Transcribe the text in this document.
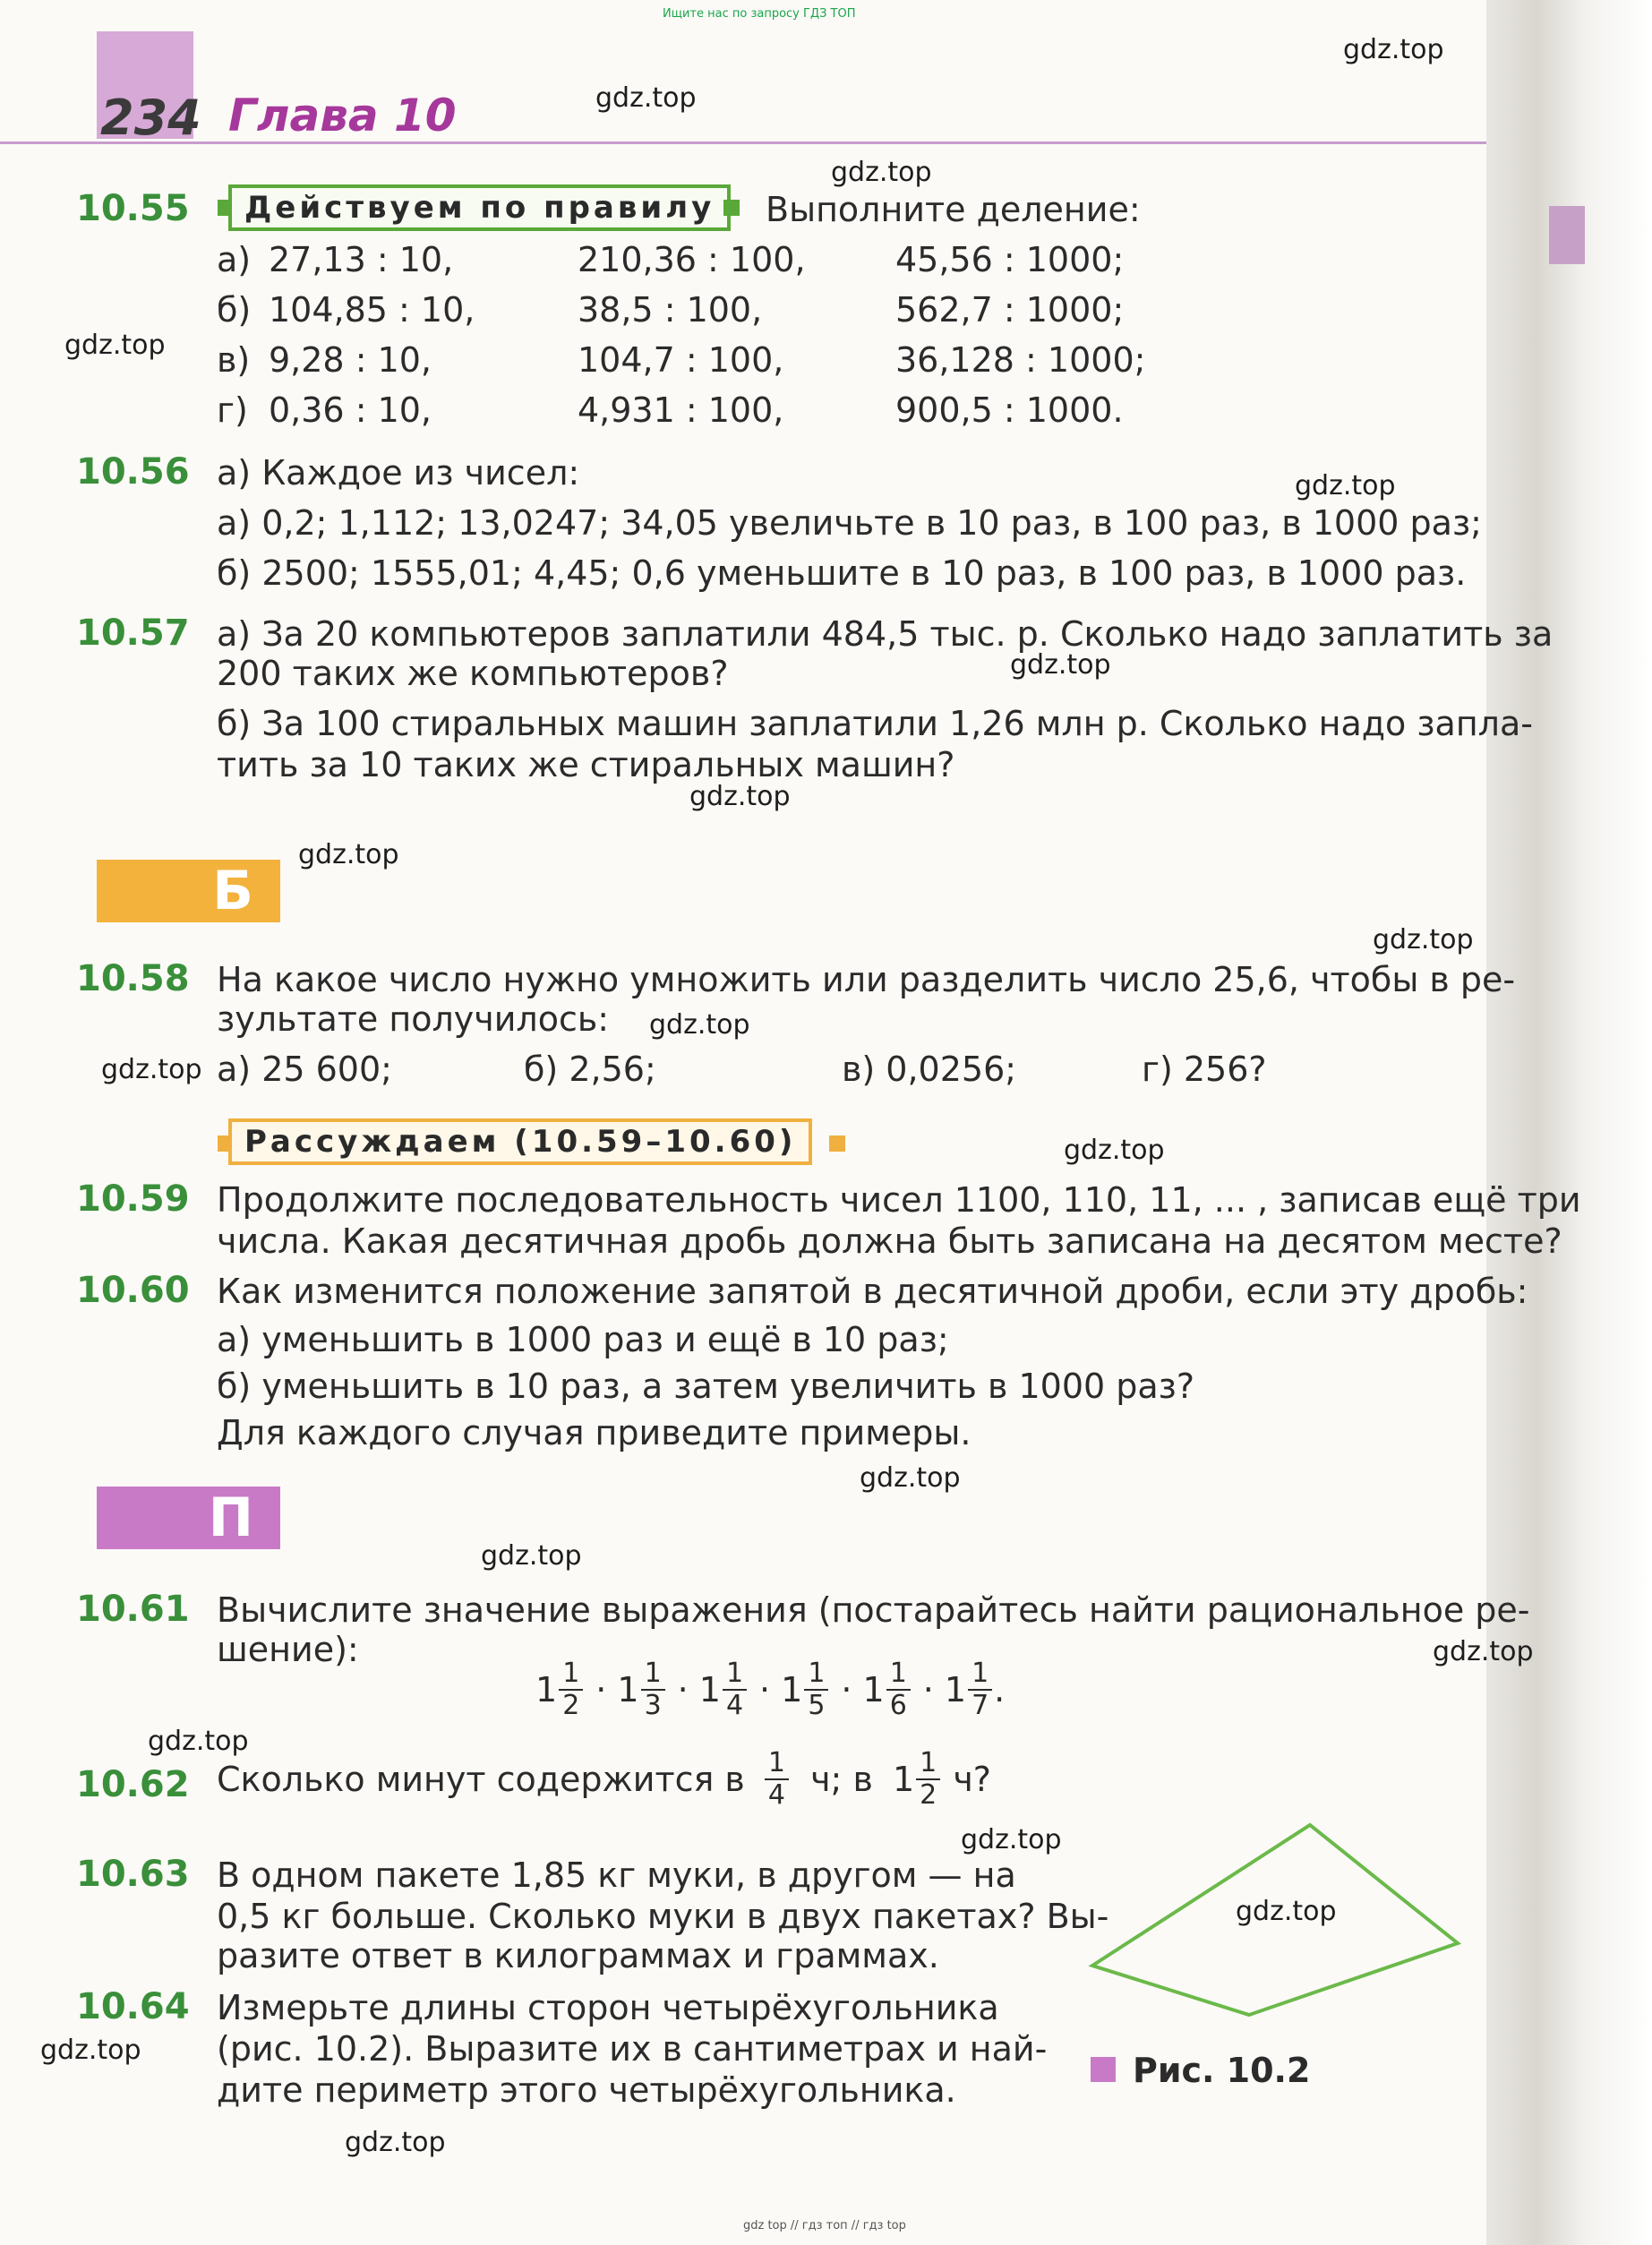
Ищите нас по запросу ГДЗ ТОП
gdz top // гдз топ // гдз top
234 Глава 10
gdz.top
gdz.top
gdz.top
gdz.top
gdz.top
gdz.top
gdz.top
gdz.top
gdz.top
gdz.top
gdz.top
gdz.top
gdz.top
gdz.top
gdz.top
gdz.top
gdz.top
gdz.top
gdz.top
gdz.top
10.55	Действуем по правилу	Выполните деление:
а) 27,13 : 10,	210,36 : 100,	45,56 : 1000;
б) 104,85 : 10,	38,5 : 100,	562,7 : 1000;
в) 9,28 : 10,	104,7 : 100,	36,128 : 1000;
г) 0,36 : 10,	4,931 : 100,	900,5 : 1000.
10.56 а) Каждое из чисел:
а) 0,2; 1,112; 13,0247; 34,05 увеличьте в 10 раз, в 100 раз, в 1000 раз;
б) 2500; 1555,01; 4,45; 0,6 уменьшите в 10 раз, в 100 раз, в 1000 раз.
10.57 а) За 20 компьютеров заплатили 484,5 тыс. р. Сколько надо заплатить за
200 таких же компьютеров?
б) За 100 стиральных машин заплатили 1,26 млн р. Сколько надо запла-
тить за 10 таких же стиральных машин?
Б
10.58 На какое число нужно умножить или разделить число 25,6, чтобы в ре-
зультате получилось:
а) 25 600;	б) 2,56;	в) 0,0256;	г) 256?
Рассуждаем (10.59–10.60)
10.59 Продолжите последовательность чисел 1100, 110, 11, ... , записав ещё три
числа. Какая десятичная дробь должна быть записана на десятом месте?
10.60 Как изменится положение запятой в десятичной дроби, если эту дробь:
а) уменьшить в 1000 раз и ещё в 10 раз;
б) уменьшить в 10 раз, а затем увеличить в 1000 раз?
Для каждого случая приведите примеры.
П
10.61 Вычислите значение выражения (постарайтесь найти рациональное ре-
шение):
$1 \frac{1}{2} \cdot 1 \frac{1}{3} \cdot 1 \frac{1}{4} \cdot 1 \frac{1}{5} \cdot 1 \frac{1}{6} \cdot 1 \frac{1}{7}$ .
10.62 Сколько минут содержится в $\frac{1}{4} ч$; в $1 \frac{1}{2} ч$?
10.63 В одном пакете 1,85 кг муки, в другом — на
0,5 кг больше. Сколько муки в двух пакетах? Вы-
разите ответ в килограммах и граммах.
10.64 Измерьте длины сторон четырёхугольника
(рис. 10.2). Выразите их в сантиметрах и най-
дите периметр этого четырёхугольника.	Рис. 10.2
